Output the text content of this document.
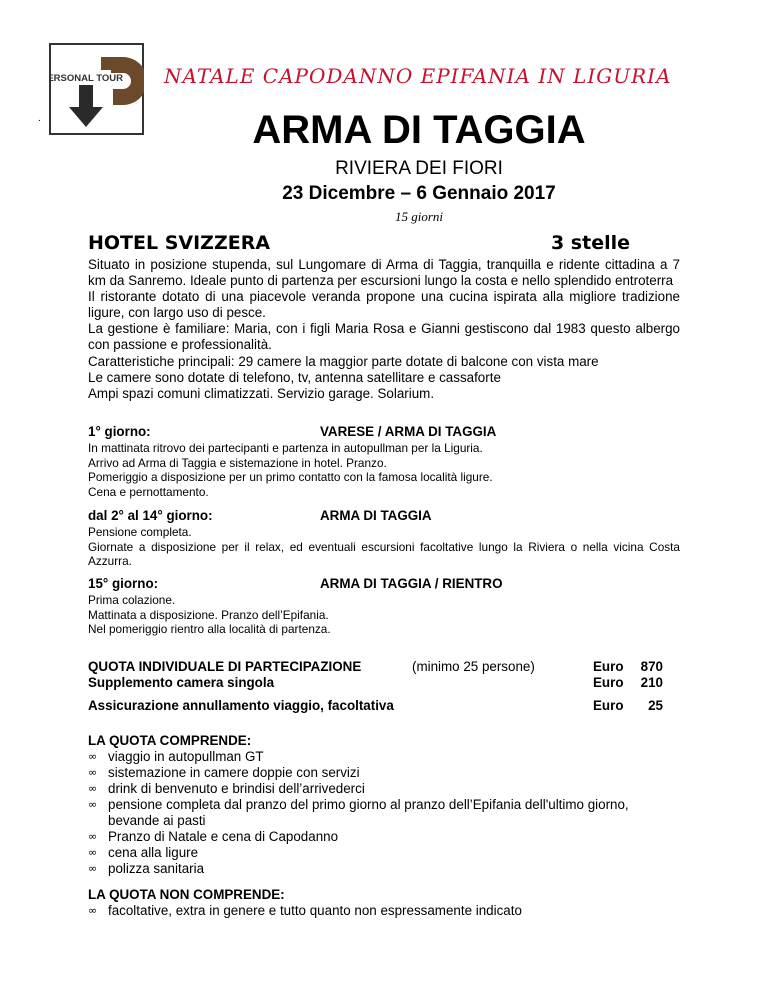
PERSONAL TOUR
.
NATALE CAPODANNO EPIFANIA IN LIGURIA
ARMA DI TAGGIA
RIVIERA DEI FIORI
23 Dicembre – 6 Gennaio 2017
15 giorni
HOTEL SVIZZERA	3 stelle

Situato in posizione stupenda, sul Lungomare di Arma di Taggia, tranquilla e ridente cittadina a 7 km da Sanremo. Ideale punto di partenza per escursioni lungo la costa e nello splendido entroterra

Il ristorante dotato di una piacevole veranda propone una cucina ispirata alla migliore tradizione ligure, con largo uso di pesce.

La gestione è familiare: Maria, con i figli Maria Rosa e Gianni gestiscono dal 1983 questo albergo con passione e professionalità.

Caratteristiche principali: 29 camere la maggior parte dotate di balcone con vista mare

Le camere sono dotate di telefono, tv, antenna satellitare e cassaforte

Ampi spazi comuni climatizzati. Servizio garage. Solarium.

1° giorno:	VARESE / ARMA DI TAGGIA

In mattinata ritrovo dei partecipanti e partenza in autopullman per la Liguria.

Arrivo ad Arma di Taggia e sistemazione in hotel. Pranzo.

Pomeriggio a disposizione per un primo contatto con la famosa località ligure.

Cena e pernottamento.

dal 2° al 14° giorno:	ARMA DI TAGGIA

Pensione completa.

Giornate a disposizione per il relax, ed eventuali escursioni facoltative lungo la Riviera o nella vicina Costa Azzurra.

15° giorno:	ARMA DI TAGGIA / RIENTRO

Prima colazione.

Mattinata a disposizione. Pranzo dell’Epifania.

Nel pomeriggio rientro alla località di partenza.

QUOTA INDIVIDUALE DI PARTECIPAZIONE	(minimo 25 persone)	Euro 870
Supplemento camera singola	Euro 210
Assicurazione annullamento viaggio, facoltativa	Euro 25
LA QUOTA COMPRENDE:
∞ viaggio in autopullman GT
∞ sistemazione in camere doppie con servizi
∞ drink di benvenuto e brindisi dell’arrivederci
∞ pensione completa dal pranzo del primo giorno al pranzo dell’Epifania dell'ultimo giorno, bevande ai pasti
∞ Pranzo di Natale e cena di Capodanno
∞ cena alla ligure
∞ polizza sanitaria
LA QUOTA NON COMPRENDE:
∞ facoltative, extra in genere e tutto quanto non espressamente indicato
